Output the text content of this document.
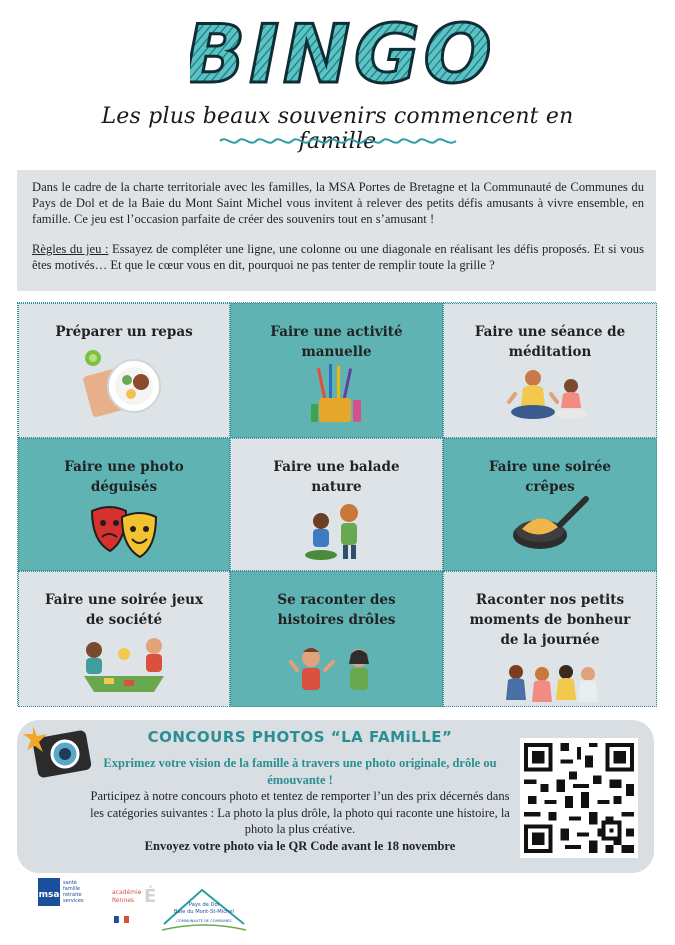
BINGO
Les plus beaux souvenirs commencent en famille

Dans le cadre de la charte territoriale avec les familles, la MSA Portes de Bretagne et la Communauté de Communes du Pays de Dol et de la Baie du Mont Saint Michel vous invitent à relever des petits défis amusants à vivre ensemble, en famille. Ce jeu est l’occasion parfaite de créer des souvenirs tout en s’amusant !

Règles du jeu : Essayez de compléter une ligne, une colonne ou une diagonale en réalisant les défis proposés. Et si vous êtes motivés… Et que le cœur vous en dit, pourquoi ne pas tenter de remplir toute la grille ?

Préparer un repas	Faire une activité manuelle
Faire une séance de méditation
Faire une photo déguisés
Faire une balade nature
Faire une soirée crêpes
Faire une soirée jeux de société
Se raconter des histoires drôles
Raconter nos petits moments de bonheur de la journée
CONCOURS PHOTOS “LA FAMiLLE”

Exprimez votre vision de la famille à travers une photo originale, drôle ou émouvante !

Participez à notre concours photo et tentez de remporter l’un des prix décernés dans les catégories suivantes : La photo la plus drôle, la photo qui raconte une histoire, la photo la plus créative.

Envoyez votre photo via le QR Code avant le 18 novembre

msa
santé
famille
retraite
services
académie
Rennes É	Pays de Dol
Baie du Mont-St-Michel
COMMUNAUTÉ DE COMMUNES
